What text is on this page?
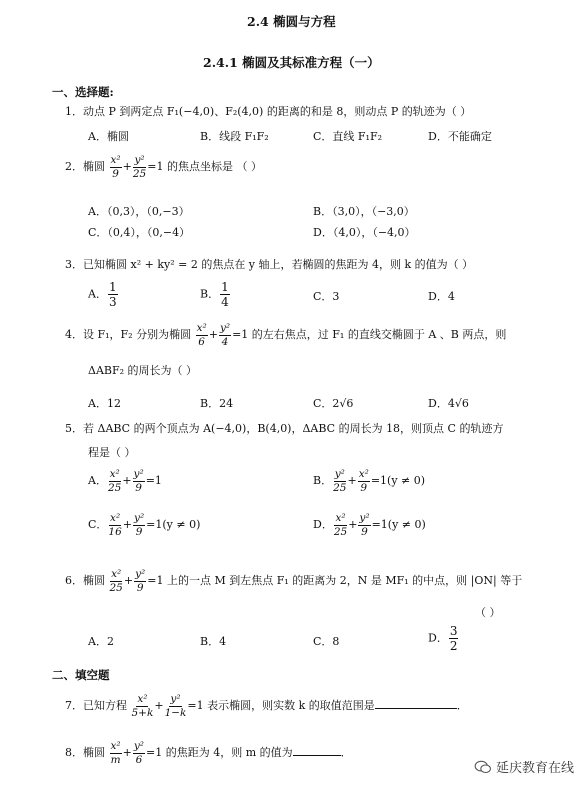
2.4 椭圆与方程
2.4.1 椭圆及其标准方程（一）
一、选择题:
1．动点 P 到两定点 F₁(−4,0)、F₂(4,0) 的距离的和是 8，则动点 P 的轨迹为（ ）
A．椭圆	B．线段 F₁F₂	C．直线 F₁F₂	D．不能确定
2．椭圆 $\frac{\text{x²}}{9} + \frac{\text{y²}}{25} =1$ 的焦点坐标是 （ ）
A．（0,3），（0,−3）	B．（3,0），（−3,0）
C．（0,4），（0,−4）	D．（4,0），（−4,0）
3．已知椭圆 x² + ky² = 2 的焦点在 y 轴上，若椭圆的焦距为 4，则 k 的值为（ ）
A． $\frac{1}{3}$	B． $\frac{1}{4}$	C．3	D．4
4．设 F₁，F₂ 分别为椭圆 $\frac{\text{x²}}{6} + \frac{\text{y²}}{4} =1$ 的左右焦点，过 F₁ 的直线交椭圆于 A 、B 两点，则
ΔABF₂ 的周长为（ ）
A．12	B．24	C．2√6	D．4√6
5．若 ΔABC 的两个顶点为 A(−4,0)，B(4,0)，ΔABC 的周长为 18，则顶点 C 的轨迹方
程是（ ）
A． $\frac{\text{x²}}{25} + \frac{\text{y²}}{9} =1$	B． $\frac{\text{y²}}{25} + \frac{\text{x²}}{9} =1(y \ne 0)$
C． $\frac{\text{x²}}{16} + \frac{\text{y²}}{9} =1(y \ne 0)$	D． $\frac{\text{x²}}{25} + \frac{\text{y²}}{9} =1(y \ne 0)$
6．椭圆 $\frac{\text{x²}}{25} + \frac{\text{y²}}{9} =1$ 上的一点 M 到左焦点 F₁ 的距离为 2，N 是 MF₁ 的中点，则 |ON| 等于
（ ）
A．2	B．4	C．8	D． $\frac{3}{2}$
二、填空题
7．已知方程 $\frac{\text{x²}}{5+k} + \frac{\text{y²}}{1-k} =1$ 表示椭圆，则实数 k 的取值范围是	．
8．椭圆 $\frac{\text{x²}}{m} + \frac{\text{y²}}{6} =1$ 的焦距为 4，则 m 的值为	．
延庆教育在线
